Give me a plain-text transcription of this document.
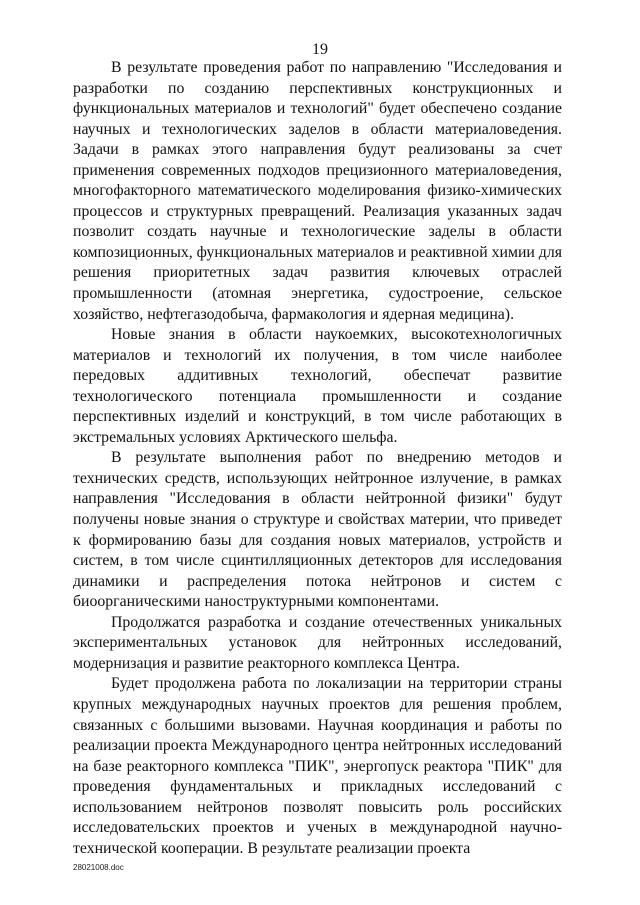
19

В результате проведения работ по направлению "Исследования и разработки по созданию перспективных конструкционных и функциональных материалов и технологий" будет обеспечено создание научных и технологических заделов в области материаловедения. Задачи в рамках этого направления будут реализованы за счет применения современных подходов прецизионного материаловедения, многофакторного математического моделирования физико-химических процессов и структурных превращений. Реализация указанных задач позволит создать научные и технологические заделы в области композиционных, функциональных материалов и реактивной химии для решения приоритетных задач развития ключевых отраслей промышленности (атомная энергетика, судостроение, сельское хозяйство, нефтегазодобыча, фармакология и ядерная медицина).

Новые знания в области наукоемких, высокотехнологичных материалов и технологий их получения, в том числе наиболее передовых аддитивных технологий, обеспечат развитие технологического потенциала промышленности и создание перспективных изделий и конструкций, в том числе работающих в экстремальных условиях Арктического шельфа.

В результате выполнения работ по внедрению методов и технических средств, использующих нейтронное излучение, в рамках направления "Исследования в области нейтронной физики" будут получены новые знания о структуре и свойствах материи, что приведет к формированию базы для создания новых материалов, устройств и систем, в том числе сцинтилляционных детекторов для исследования динамики и распределения потока нейтронов и систем с биоорганическими наноструктурными компонентами.

Продолжатся разработка и создание отечественных уникальных экспериментальных установок для нейтронных исследований, модернизация и развитие реакторного комплекса Центра.

Будет продолжена работа по локализации на территории страны крупных международных научных проектов для решения проблем, связанных с большими вызовами. Научная координация и работы по реализации проекта Международного центра нейтронных исследований на базе реакторного комплекса "ПИК", энергопуск реактора "ПИК" для проведения фундаментальных и прикладных исследований с использованием нейтронов позволят повысить роль российских исследовательских проектов и ученых в международной научно-технической кооперации. В результате реализации проекта

28021008.doc
